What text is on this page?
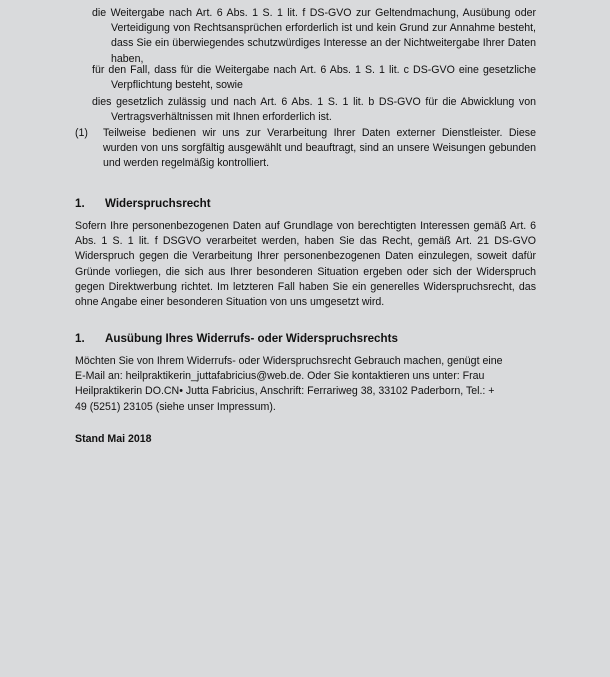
die Weitergabe nach Art. 6 Abs. 1 S. 1 lit. f DS-GVO zur Geltendmachung, Ausübung oder Verteidigung von Rechtsansprüchen erforderlich ist und kein Grund zur Annahme besteht, dass Sie ein überwiegendes schutzwürdiges Interesse an der Nichtweitergabe Ihrer Daten haben,

für den Fall, dass für die Weitergabe nach Art. 6 Abs. 1 S. 1 lit. c DS-GVO eine gesetzliche Verpflichtung besteht, sowie

dies gesetzlich zulässig und nach Art. 6 Abs. 1 S. 1 lit. b DS-GVO für die Abwicklung von Vertragsverhältnissen mit Ihnen erforderlich ist.

(1)	Teilweise bedienen wir uns zur Verarbeitung Ihrer Daten externer Dienstleister. Diese wurden von uns sorgfältig ausgewählt und beauftragt, sind an unsere Weisungen gebunden und werden regelmäßig kontrolliert.

1. Widerspruchsrecht

Sofern Ihre personenbezogenen Daten auf Grundlage von berechtigten Interessen gemäß Art. 6 Abs. 1 S. 1 lit. f DSGVO verarbeitet werden, haben Sie das Recht, gemäß Art. 21 DS-GVO Widerspruch gegen die Verarbeitung Ihrer personenbezogenen Daten einzulegen, soweit dafür Gründe vorliegen, die sich aus Ihrer besonderen Situation ergeben oder sich der Widerspruch gegen Direktwerbung richtet. Im letzteren Fall haben Sie ein generelles Widerspruchsrecht, das ohne Angabe einer besonderen Situation von uns umgesetzt wird.

1. Ausübung Ihres Widerrufs- oder Widerspruchsrechts
Möchten Sie von Ihrem Widerrufs- oder Widerspruchsrecht Gebrauch machen, genügt eine
E-Mail an: heilpraktikerin_juttafabricius@web.de. Oder Sie kontaktieren uns unter: Frau
Heilpraktikerin DO.CN• Jutta Fabricius, Anschrift: Ferrariweg 38, 33102 Paderborn, Tel.: +
49 (5251) 23105 (siehe unser Impressum).

Stand Mai 2018
